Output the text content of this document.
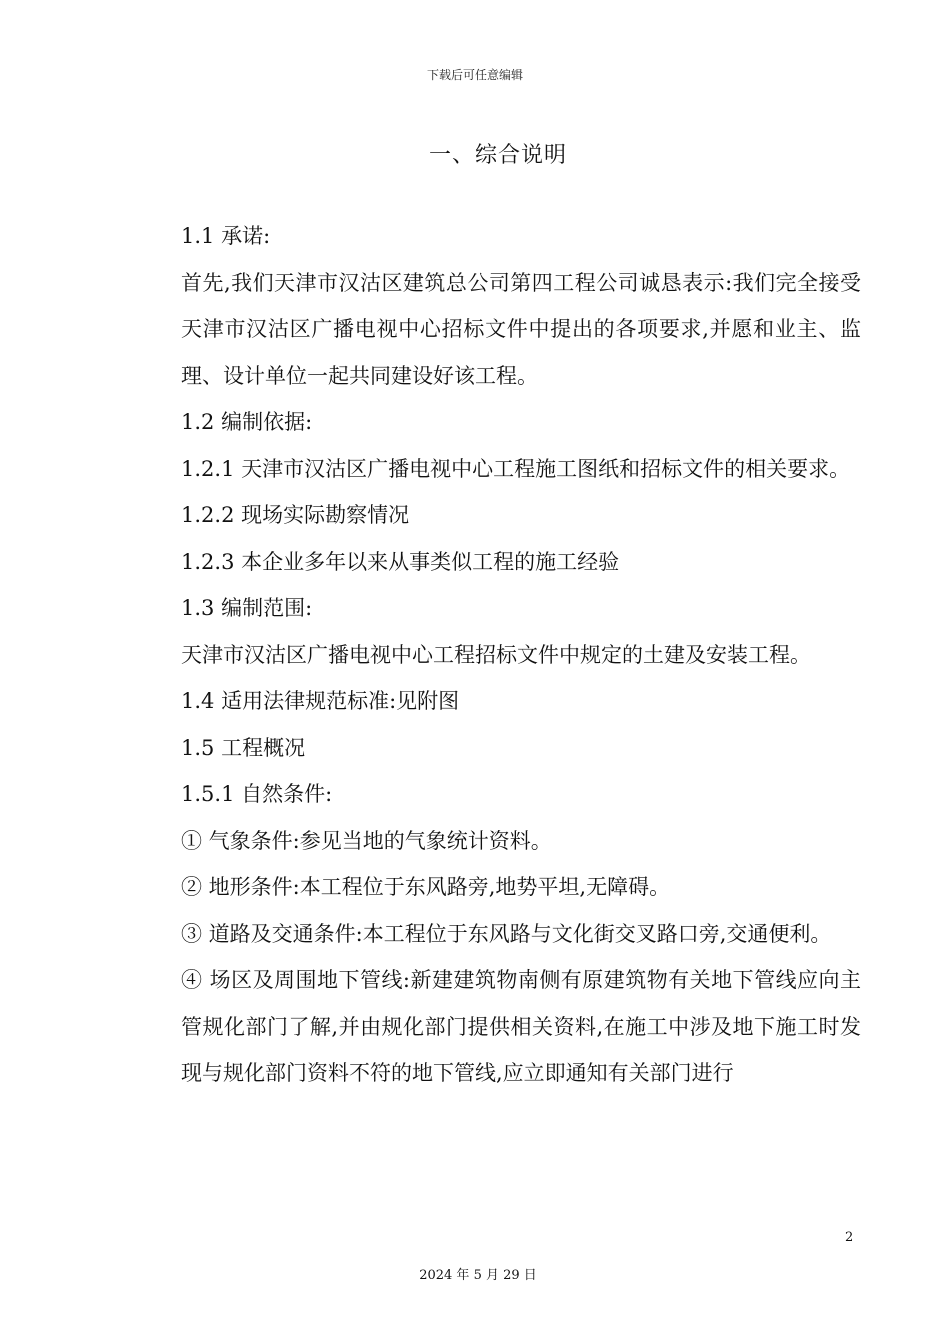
下载后可任意编辑
一、综合说明

1.1 承诺:

首先,我们天津市汉沽区建筑总公司第四工程公司诚恳表示:我们完全接受天津市汉沽区广播电视中心招标文件中提出的各项要求,并愿和业主、监理、设计单位一起共同建设好该工程。

1.2 编制依据:

1.2.1 天津市汉沽区广播电视中心工程施工图纸和招标文件的相关要求。

1.2.2 现场实际勘察情况

1.2.3 本企业多年以来从事类似工程的施工经验

1.3 编制范围:

天津市汉沽区广播电视中心工程招标文件中规定的土建及安装工程。

1.4 适用法律规范标准:见附图

1.5 工程概况

1.5.1 自然条件:

① 气象条件:参见当地的气象统计资料。

② 地形条件:本工程位于东风路旁,地势平坦,无障碍。

③ 道路及交通条件:本工程位于东风路与文化街交叉路口旁,交通便利。

④ 场区及周围地下管线:新建建筑物南侧有原建筑物有关地下管线应向主管规化部门了解,并由规化部门提供相关资料,在施工中涉及地下施工时发现与规化部门资料不符的地下管线,应立即通知有关部门进行

2
2024 年 5 月 29 日
